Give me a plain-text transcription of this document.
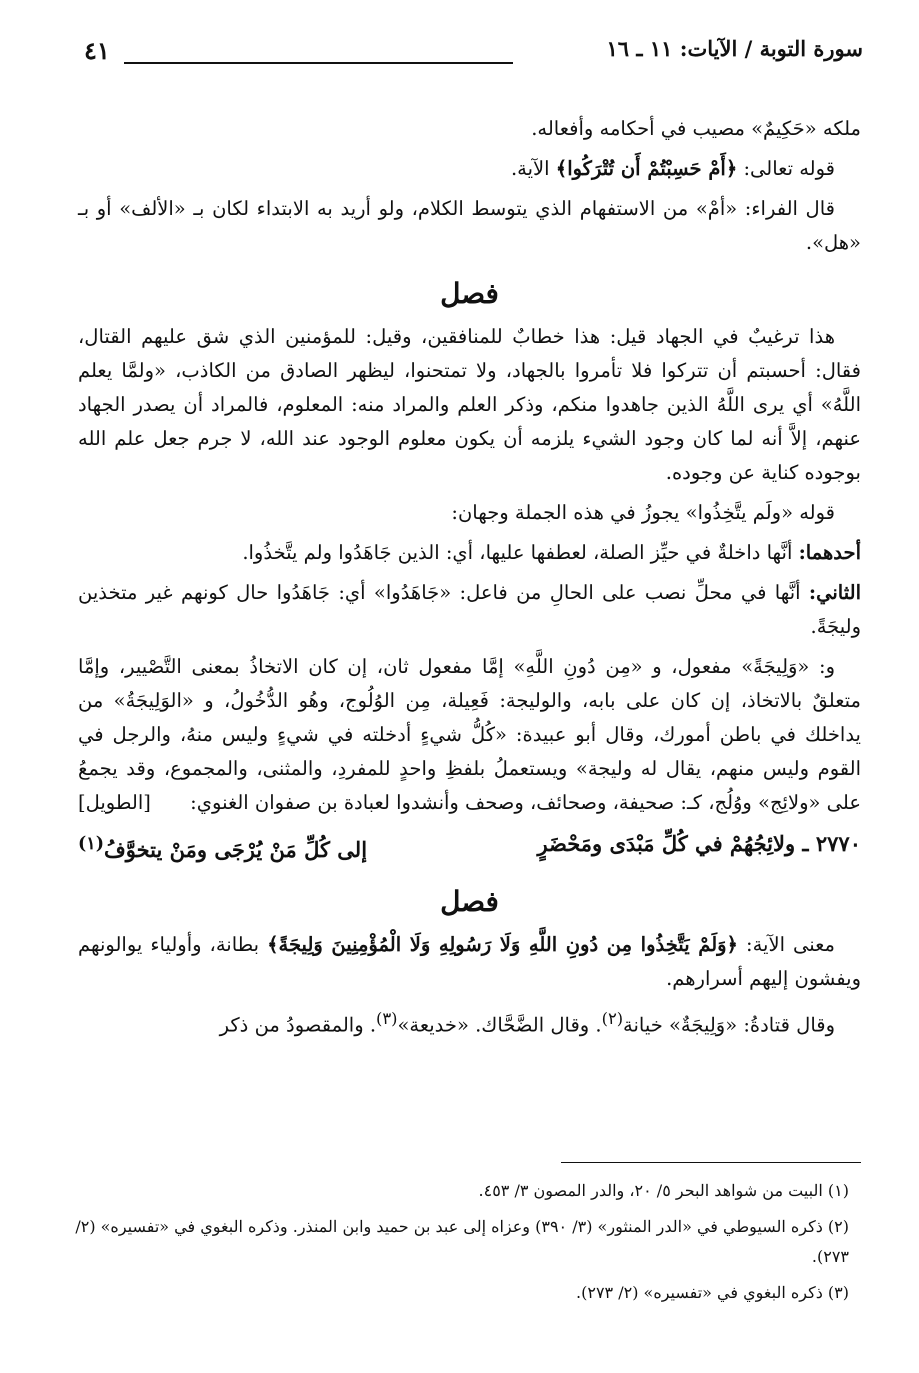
سورة التوبة / الآيات: ١١ ـ ١٦
٤١

ملكه «حَكِيمٌ» مصيب في أحكامه وأفعاله.

قوله تعالى: ﴿أَمْ حَسِبْتُمْ أَن تُتْرَكُوا﴾ الآية.

قال الفراء: «أمْ» من الاستفهام الذي يتوسط الكلام، ولو أريد به الابتداء لكان بـ «الألف» أو بـ «هل».

فصل

هذا ترغيبٌ في الجهاد قيل: هذا خطابٌ للمنافقين، وقيل: للمؤمنين الذي شق عليهم القتال، فقال: أحسبتم أن تتركوا فلا تأمروا بالجهاد، ولا تمتحنوا، ليظهر الصادق من الكاذب، «ولمَّا يعلم اللَّهُ» أي يرى اللَّهُ الذين جاهدوا منكم، وذكر العلم والمراد منه: المعلوم، فالمراد أن يصدر الجهاد عنهم، إلاَّ أنه لما كان وجود الشيء يلزمه أن يكون معلوم الوجود عند الله، لا جرم جعل علم الله بوجوده كناية عن وجوده.

قوله «ولَم يتَّخِذُوا» يجوزُ في هذه الجملة وجهان:

أحدهما: أنَّها داخلةٌ في حيِّز الصلة، لعطفها عليها، أي: الذين جَاهَدُوا ولم يتَّخذُوا.

الثاني: أنَّها في محلِّ نصب على الحالِ من فاعل: «جَاهَدُوا» أي: جَاهَدُوا حال كونهم غير متخذين وليجَةً.

و: «وَلِيجَةً» مفعول، و «مِن دُونِ اللَّهِ» إمَّا مفعول ثان، إن كان الاتخاذُ بمعنى التَّصْيير، وإمَّا متعلقٌ بالاتخاذ، إن كان على بابه، والوليجة: فَعِيلة، مِن الوُلُوج، وهُو الدُّخُولُ، و «الوَلِيجَةُ» من يداخلك في باطن أمورك، وقال أبو عبيدة: «كُلُّ شيءٍ أدخلته في شيءٍ وليس منهُ، والرجل في القوم وليس منهم، يقال له وليجة» ويستعملُ بلفظِ واحدٍ للمفردِ، والمثنى، والمجموع، وقد يجمعُ على «ولائِج» ووُلُج، كـ: صحيفة، وصحائف، وصحف وأنشدوا لعبادة بن صفوان الغنوي:
[الطويل]

٢٧٧٠ ـ ولائِجُهُمْ في كُلِّ مَبْدَى ومَحْضَرٍ
إلى كُلِّ مَنْ يُرْجَى ومَنْ يتخوَّفُ$^{(١)}$
فصل

معنى الآية: ﴿وَلَمْ يَتَّخِذُوا مِن دُونِ اللَّهِ وَلَا رَسُولِهِ وَلَا الْمُؤْمِنِينَ وَلِيجَةً﴾ بطانة، وأولياء يوالونهم ويفشون إليهم أسرارهم.

وقال قتادةُ: «وَلِيجَةٌ» خيانة$^{(٢)}$. وقال الضَّحَّاك. «خديعة»$^{(٣)}$. والمقصودُ من ذكر

(١) البيت من شواهد البحر ٥/ ٢٠، والدر المصون ٣/ ٤٥٣.

(٢) ذكره السيوطي في «الدر المنثور» (٣/ ٣٩٠) وعزاه إلى عبد بن حميد وابن المنذر. وذكره البغوي في «تفسيره» (٢/ ٢٧٣).

(٣) ذكره البغوي في «تفسيره» (٢/ ٢٧٣).
